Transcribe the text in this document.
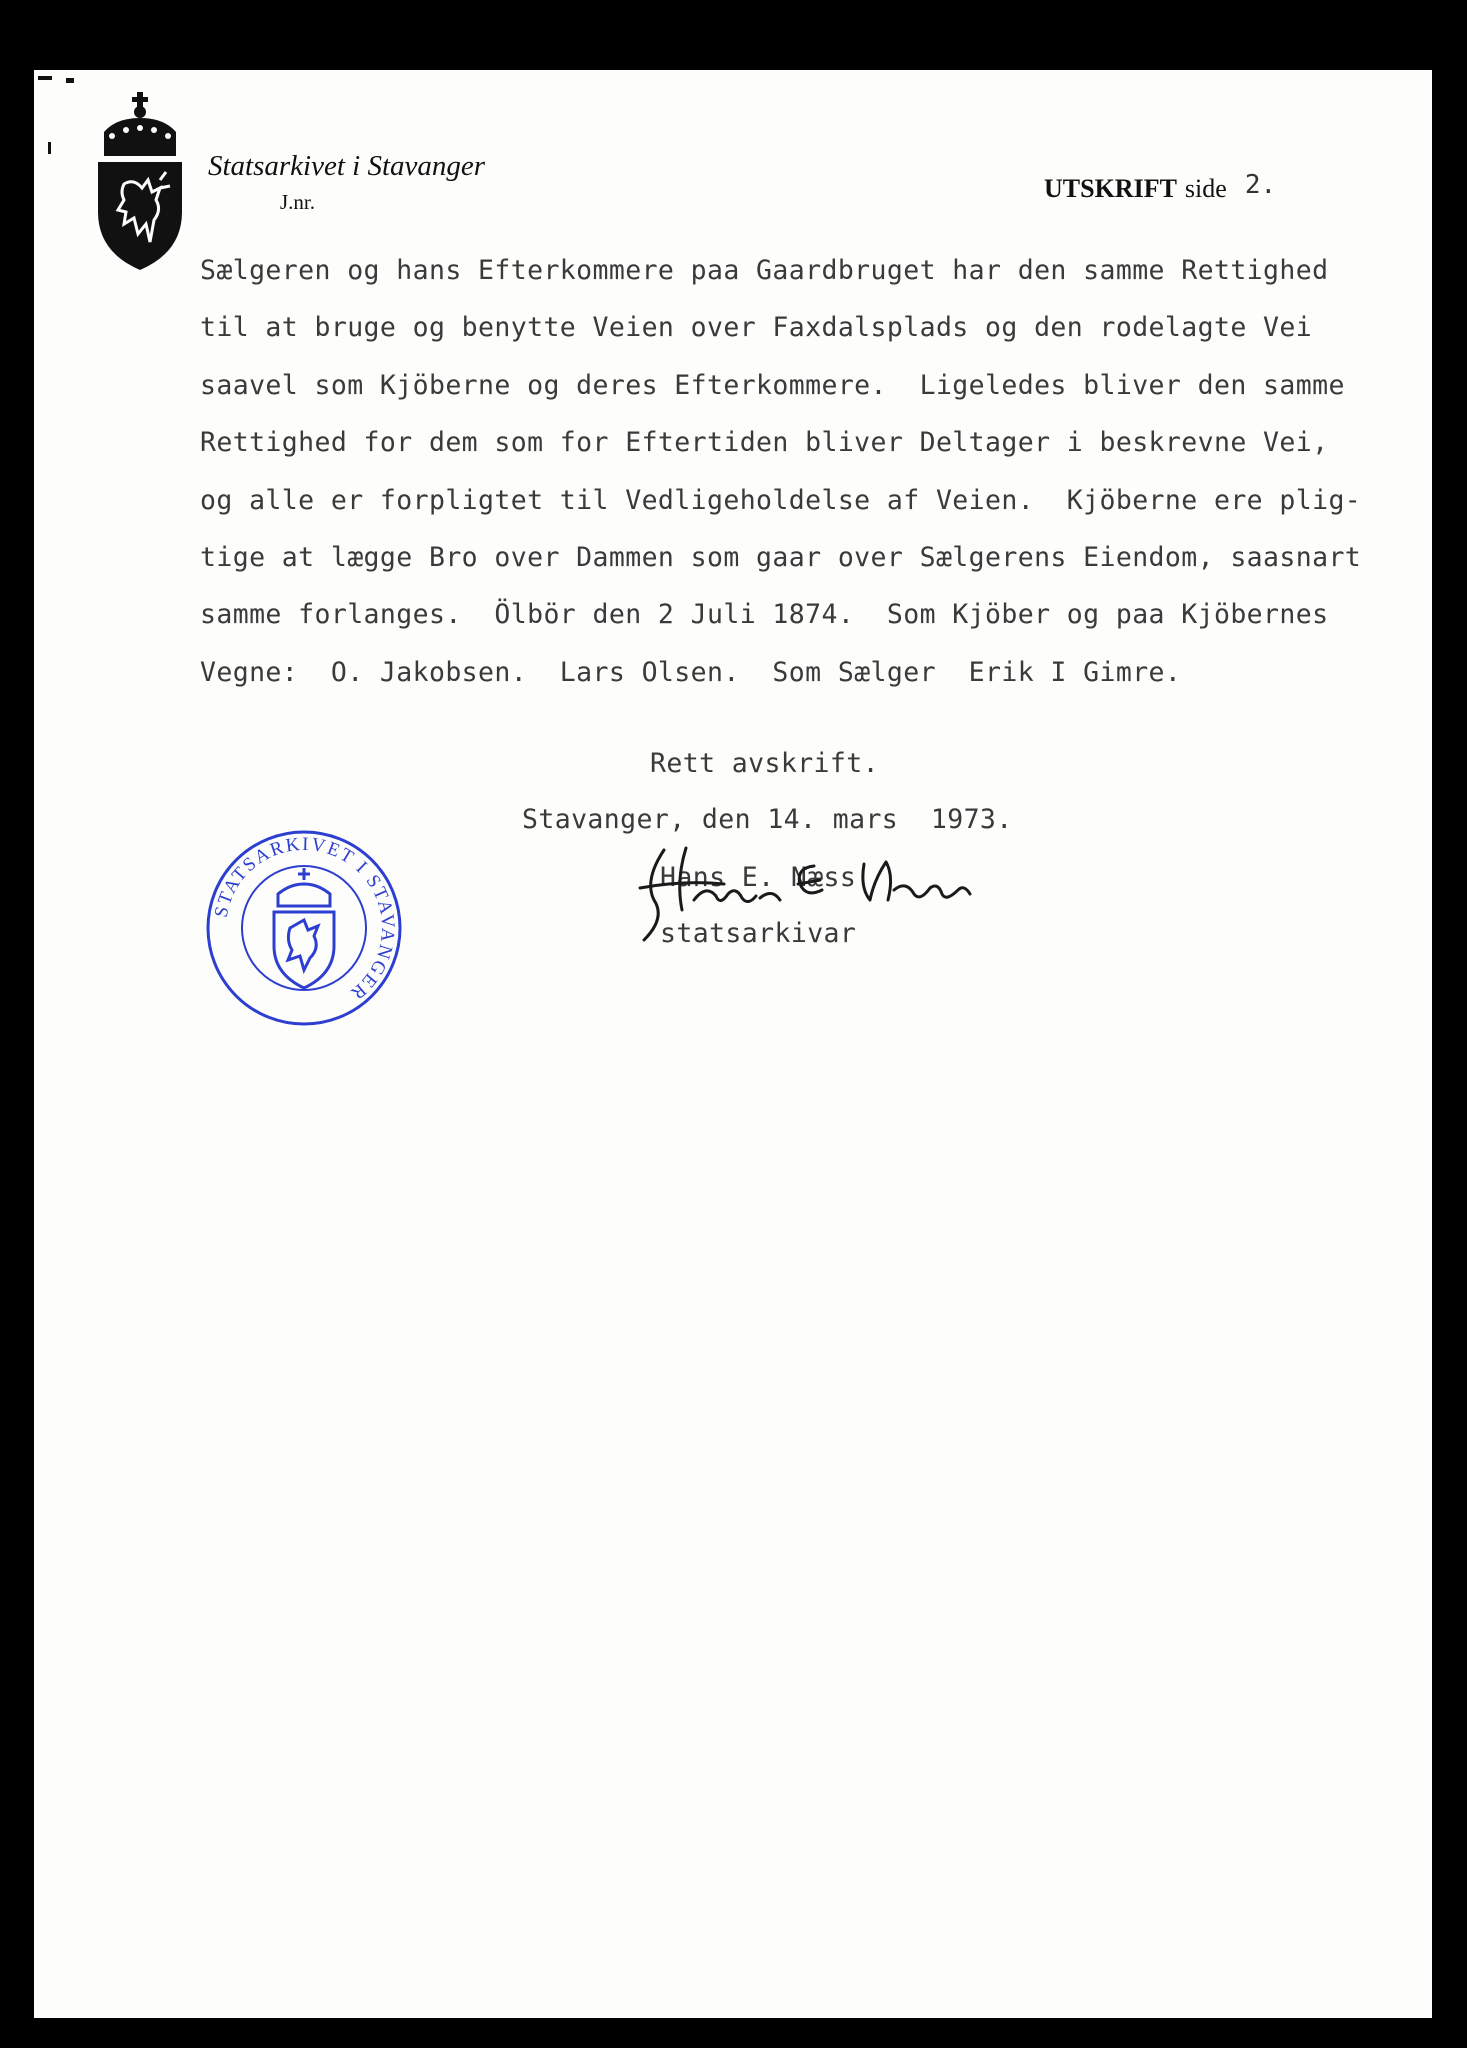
Statsarkivet i Stavanger
J.nr.	UTSKRIFT side 2.
Sælgeren og hans Efterkommere paa Gaardbruget har den samme Rettighed
til at bruge og benytte Veien over Faxdalsplads og den rodelagte Vei
saavel som Kjöberne og deres Efterkommere.  Ligeledes bliver den samme
Rettighed for dem som for Eftertiden bliver Deltager i beskrevne Vei,
og alle er forpligtet til Vedligeholdelse af Veien.  Kjöberne ere plig-
tige at lægge Bro over Dammen som gaar over Sælgerens Eiendom, saasnart
samme forlanges.  Ölbör den 2 Juli 1874.  Som Kjöber og paa Kjöbernes
Vegne:  O. Jakobsen.  Lars Olsen.  Som Sælger  Erik I Gimre.
Rett avskrift.
Stavanger, den 14. mars  1973.
Hans E. Næss
statsarkivar
STATSARKIVET I STAVANGER
